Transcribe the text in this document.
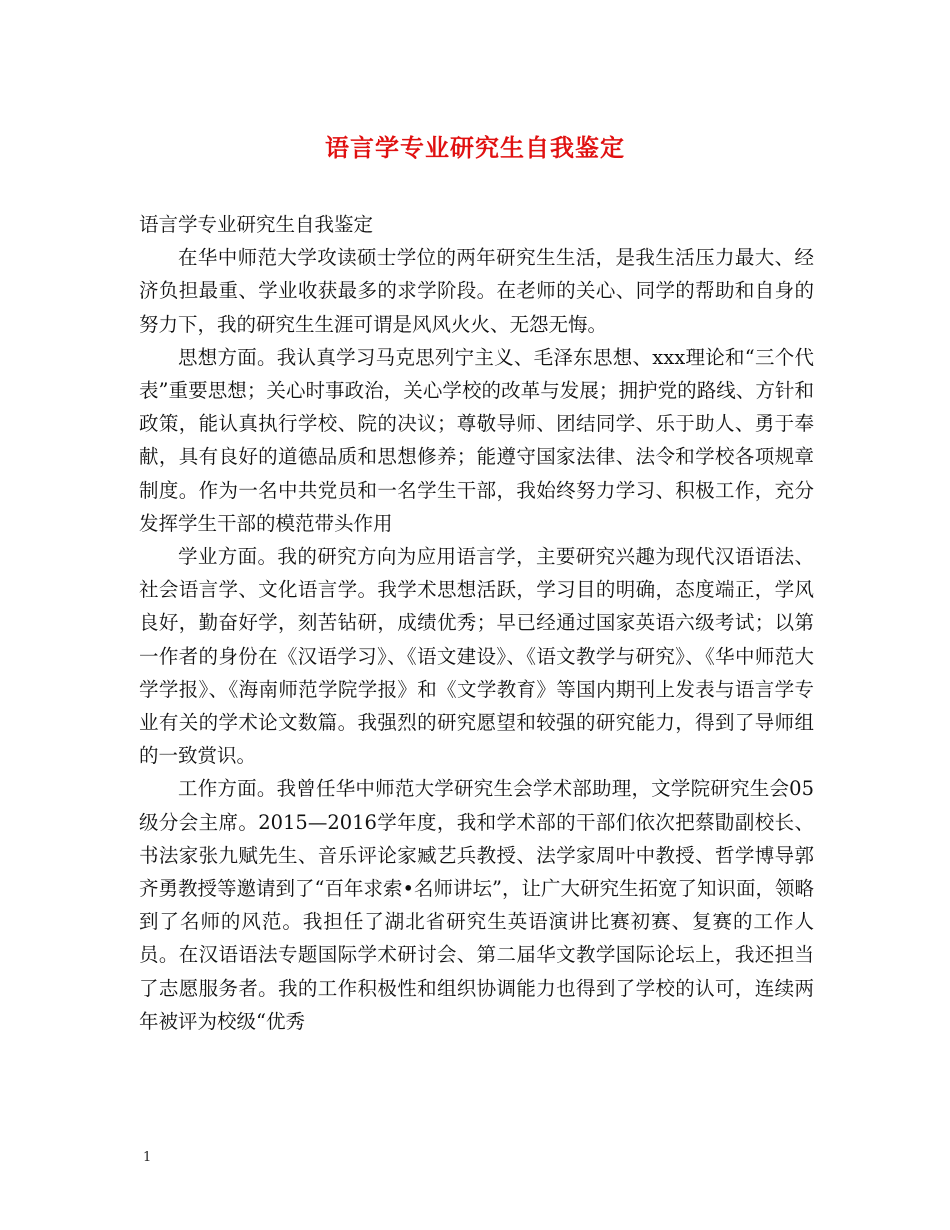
语言学专业研究生自我鉴定

语言学专业研究生自我鉴定

在华中师范大学攻读硕士学位的两年研究生生活，是我生活压力最大、经济负担最重、学业收获最多的求学阶段。在老师的关心、同学的帮助和自身的努力下，我的研究生生涯可谓是风风火火、无怨无悔。

思想方面。我认真学习马克思列宁主义、毛泽东思想、xxx理论和“三个代表”重要思想；关心时事政治，关心学校的改革与发展；拥护党的路线、方针和政策，能认真执行学校、院的决议；尊敬导师、团结同学、乐于助人、勇于奉献，具有良好的道德品质和思想修养；能遵守国家法律、法令和学校各项规章制度。作为一名中共党员和一名学生干部，我始终努力学习、积极工作，充分发挥学生干部的模范带头作用

学业方面。我的研究方向为应用语言学，主要研究兴趣为现代汉语语法、社会语言学、文化语言学。我学术思想活跃，学习目的明确，态度端正，学风良好，勤奋好学，刻苦钻研，成绩优秀；早已经通过国家英语六级考试；以第一作者的身份在《汉语学习》、《语文建设》、《语文教学与研究》、《华中师范大学学报》、《海南师范学院学报》和《文学教育》等国内期刊上发表与语言学专业有关的学术论文数篇。我强烈的研究愿望和较强的研究能力，得到了导师组的一致赏识。

工作方面。我曾任华中师范大学研究生会学术部助理，文学院研究生会05级分会主席。2015—2016学年度，我和学术部的干部们依次把蔡勖副校长、书法家张九赋先生、音乐评论家臧艺兵教授、法学家周叶中教授、哲学博导郭齐勇教授等邀请到了“百年求索•名师讲坛”，让广大研究生拓宽了知识面，领略到了名师的风范。我担任了湖北省研究生英语演讲比赛初赛、复赛的工作人员。在汉语语法专题国际学术研讨会、第二届华文教学国际论坛上，我还担当了志愿服务者。我的工作积极性和组织协调能力也得到了学校的认可，连续两年被评为校级“优秀

1
